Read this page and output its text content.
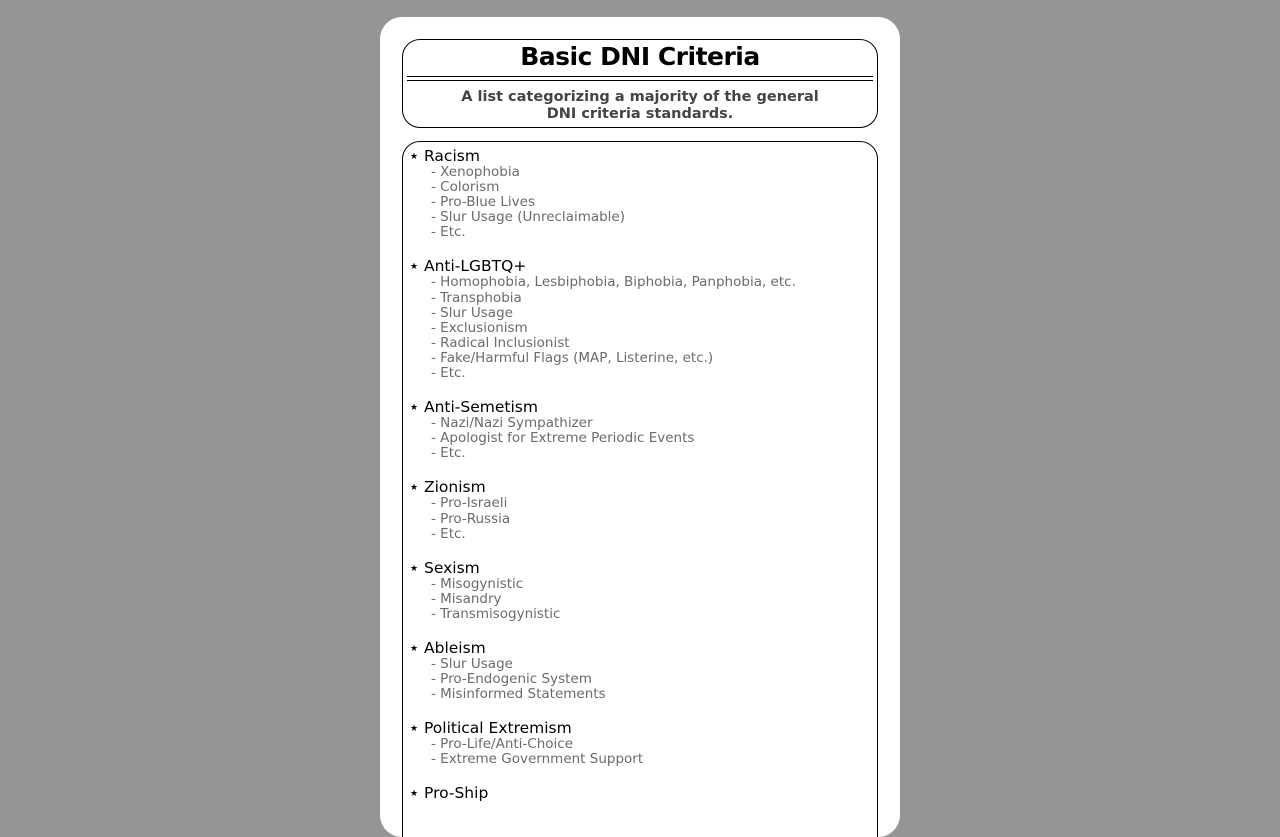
Basic DNI Criteria
A list categorizing a majority of the general
DNI criteria standards.
★ Racism
- Xenophobia
- Colorism
- Pro-Blue Lives
- Slur Usage (Unreclaimable)
- Etc.
★ Anti-LGBTQ+
- Homophobia, Lesbiphobia, Biphobia, Panphobia, etc.
- Transphobia
- Slur Usage
- Exclusionism
- Radical Inclusionist
- Fake/Harmful Flags (MAP, Listerine, etc.)
- Etc.
★ Anti-Semetism
- Nazi/Nazi Sympathizer
- Apologist for Extreme Periodic Events
- Etc.
★ Zionism
- Pro-Israeli
- Pro-Russia
- Etc.
★ Sexism
- Misogynistic
- Misandry
- Transmisogynistic
★ Ableism
- Slur Usage
- Pro-Endogenic System
- Misinformed Statements
★ Political Extremism
- Pro-Life/Anti-Choice
- Extreme Government Support
★ Pro-Ship
